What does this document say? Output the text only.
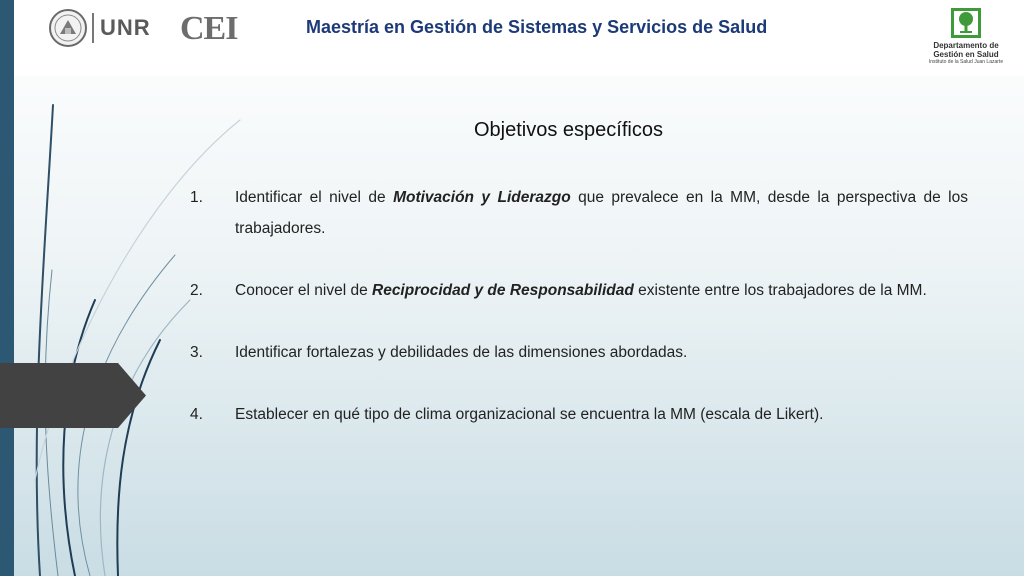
UNR CEI	Maestría en Gestión de Sistemas y Servicios de Salud
Departamento de
Gestión en Salud
Instituto de la Salud Juan Lazarte
Objetivos específicos
1. Identificar el nivel de Motivación y Liderazgo que prevalece en la MM, desde la perspectiva de los trabajadores.
2. Conocer el nivel de Reciprocidad y de Responsabilidad existente entre los trabajadores de la MM.
3. Identificar fortalezas y debilidades de las dimensiones abordadas.
4. Establecer en qué tipo de clima organizacional se encuentra la MM (escala de Likert).
